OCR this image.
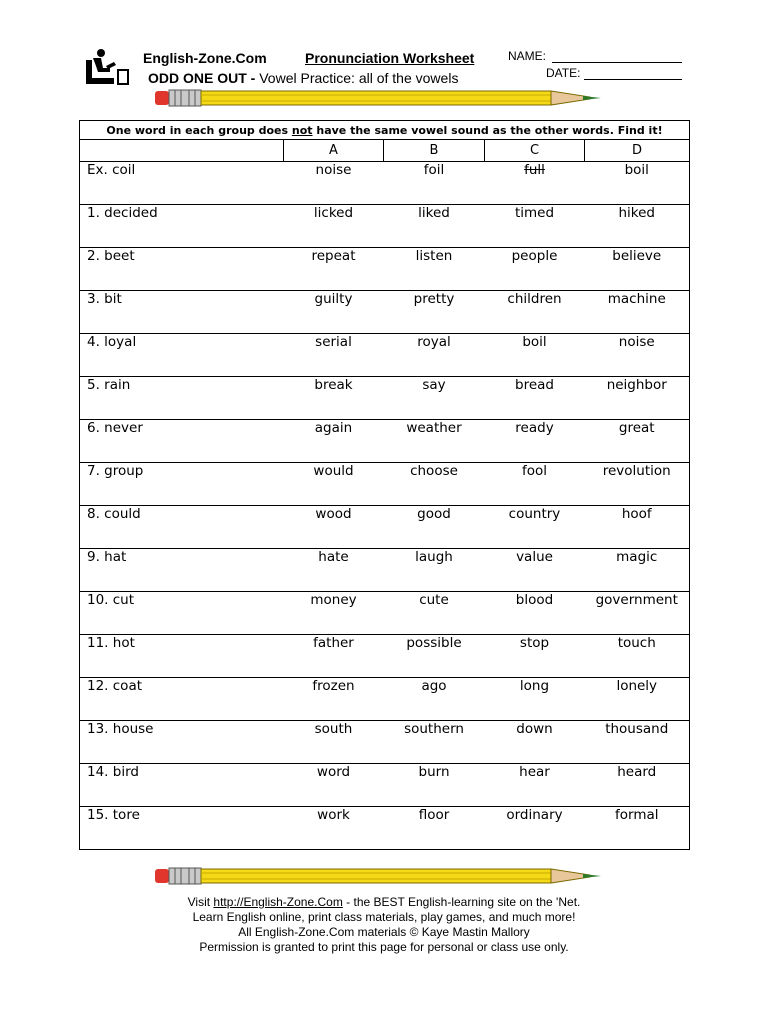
English-Zone.Com	Pronunciation Worksheet
ODD ONE OUT - Vowel Practice: all of the vowels
NAME:
DATE:
One word in each group does not have the same vowel sound as the other words. Find it!				
	A	B	C	D
Ex. coil	noise	foil	full	boil
1. decided	licked	liked	timed	hiked
2. beet	repeat	listen	people	believe
3. bit	guilty	pretty	children	machine
4. loyal	serial	royal	boil	noise
5. rain	break	say	bread	neighbor
6. never	again	weather	ready	great
7. group	would	choose	fool	revolution
8. could	wood	good	country	hoof
9. hat	hate	laugh	value	magic
10. cut	money	cute	blood	government
11. hot	father	possible	stop	touch
12. coat	frozen	ago	long	lonely
13. house	south	southern	down	thousand
14. bird	word	burn	hear	heard
15. tore	work	floor	ordinary	formal
Visit http://English-Zone.Com - the BEST English-learning site on the 'Net.
Learn English online, print class materials, play games, and much more!
All English-Zone.Com materials © Kaye Mastin Mallory
Permission is granted to print this page for personal or class use only.
